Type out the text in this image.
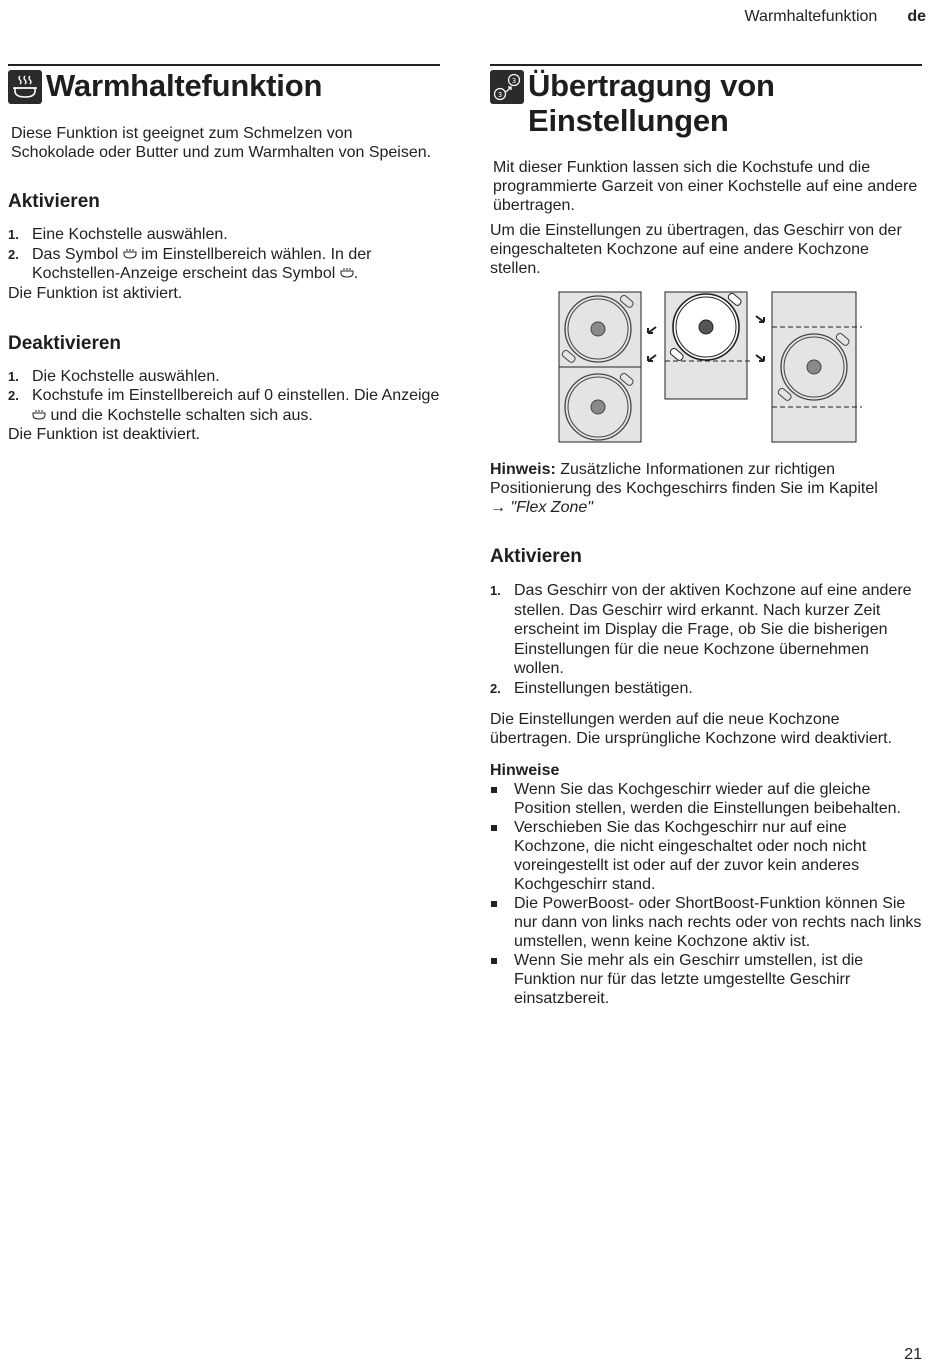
Warmhaltefunktion de
Warmhaltefunktion

Diese Funktion ist geeignet zum Schmelzen von Schokolade oder Butter und zum Warmhalten von Speisen.

Aktivieren
1. Eine Kochstelle auswählen.
2. Das Symbol im Einstellbereich wählen. In der Kochstellen-Anzeige erscheint das Symbol .

Die Funktion ist aktiviert.

Deaktivieren
1. Die Kochstelle auswählen.
2. Kochstufe im Einstellbereich auf 0 einstellen. Die Anzeige  und die Kochstelle schalten sich aus.

Die Funktion ist deaktiviert.

3
3 Übertragung von
Einstellungen

Mit dieser Funktion lassen sich die Kochstufe und die programmierte Garzeit von einer Kochstelle auf eine andere übertragen.

Um die Einstellungen zu übertragen, das Geschirr von der eingeschalteten Kochzone auf eine andere Kochzone stellen.

Hinweis: Zusätzliche Informationen zur richtigen Positionierung des Kochgeschirrs finden Sie im Kapitel
→ "Flex Zone"

Aktivieren
1. Das Geschirr von der aktiven Kochzone auf eine andere stellen. Das Geschirr wird erkannt. Nach kurzer Zeit erscheint im Display die Frage, ob Sie die bisherigen Einstellungen für die neue Kochzone übernehmen wollen.
2. Einstellungen bestätigen.

Die Einstellungen werden auf die neue Kochzone übertragen. Die ursprüngliche Kochzone wird deaktiviert.

Hinweise
Wenn Sie das Kochgeschirr wieder auf die gleiche Position stellen, werden die Einstellungen beibehalten.
Verschieben Sie das Kochgeschirr nur auf eine Kochzone, die nicht eingeschaltet oder noch nicht voreingestellt ist oder auf der zuvor kein anderes Kochgeschirr stand.
Die PowerBoost- oder ShortBoost-Funktion können Sie nur dann von links nach rechts oder von rechts nach links umstellen, wenn keine Kochzone aktiv ist.
Wenn Sie mehr als ein Geschirr umstellen, ist die Funktion nur für das letzte umgestellte Geschirr einsatzbereit.
21
